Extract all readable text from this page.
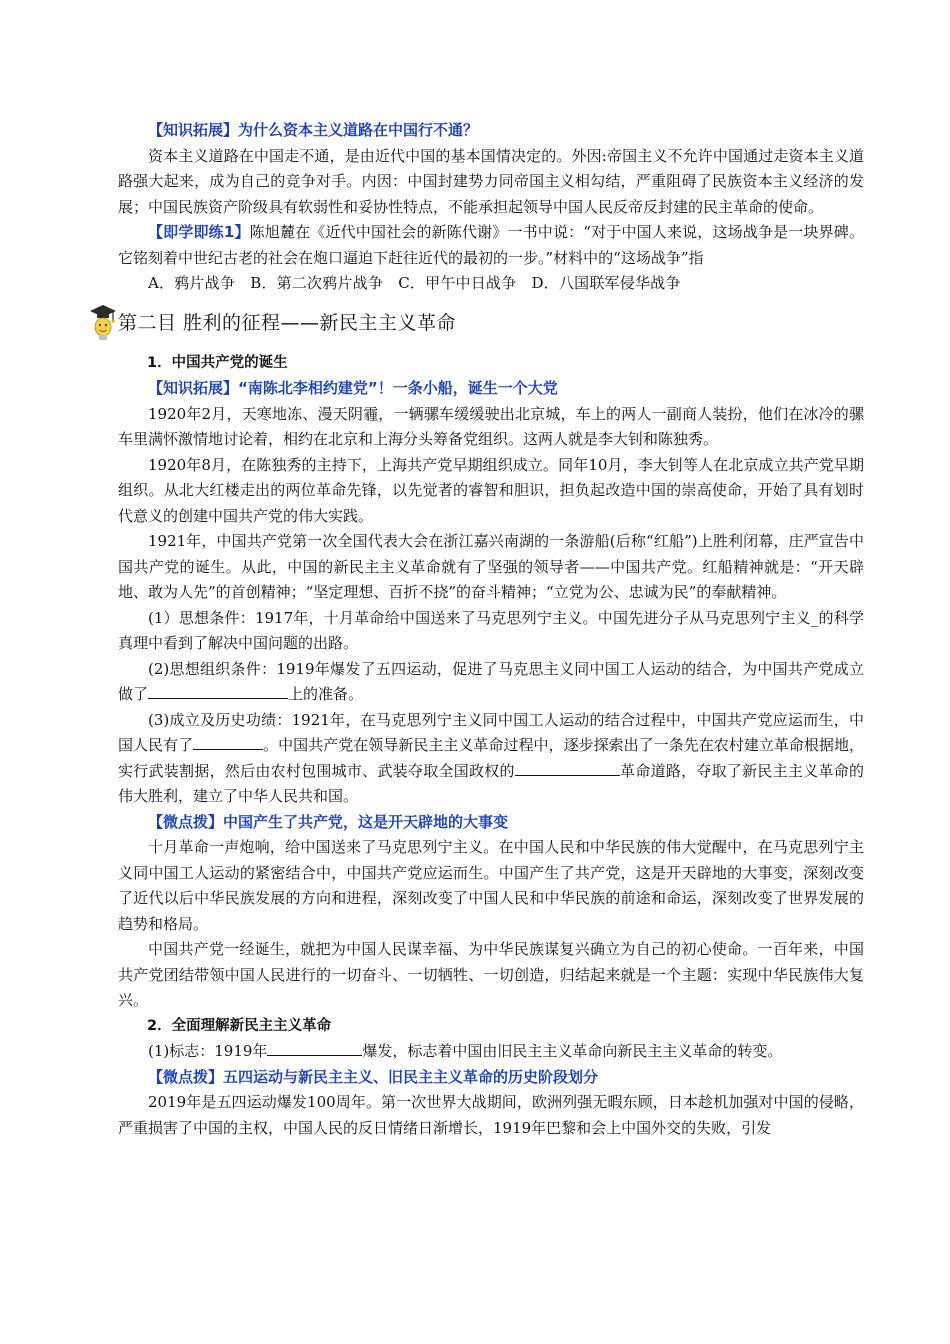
【知识拓展】为什么资本主义道路在中国行不通？

资本主义道路在中国走不通，是由近代中国的基本国情决定的。外因:帝国主义不允许中国通过走资本主义道路强大起来，成为自己的竞争对手。内因：中国封建势力同帝国主义相勾结，严重阻碍了民族资本主义经济的发展；中国民族资产阶级具有软弱性和妥协性特点，不能承担起领导中国人民反帝反封建的民主革命的使命。

【即学即练1】陈旭麓在《近代中国社会的新陈代谢》一书中说：“对于中国人来说，这场战争是一块界碑。它铭刻着中世纪古老的社会在炮口逼迫下赶往近代的最初的一步。”材料中的“这场战争”指

A．鸦片战争　B．第二次鸦片战争　C．甲午中日战争　D．八国联军侵华战争

第二目 胜利的征程——新民主主义革命

1．中国共产党的诞生

【知识拓展】“南陈北李相约建党”！一条小船，诞生一个大党

1920年2月，天寒地冻、漫天阴霾，一辆骡车缓缓驶出北京城，车上的两人一副商人装扮，他们在冰冷的骡车里满怀激情地讨论着，相约在北京和上海分头筹备党组织。这两人就是李大钊和陈独秀。

1920年8月，在陈独秀的主持下，上海共产党早期组织成立。同年10月，李大钊等人在北京成立共产党早期组织。从北大红楼走出的两位革命先锋，以先觉者的睿智和胆识，担负起改造中国的崇高使命，开始了具有划时代意义的创建中国共产党的伟大实践。

1921年，中国共产党第一次全国代表大会在浙江嘉兴南湖的一条游船(后称“红船”)上胜利闭幕，庄严宣告中国共产党的诞生。从此，中国的新民主主义革命就有了坚强的领导者——中国共产党。红船精神就是：“开天辟地、敢为人先”的首创精神；“坚定理想、百折不挠”的奋斗精神；“立党为公、忠诚为民”的奉献精神。

(1）思想条件：1917年，十月革命给中国送来了马克思列宁主义。中国先进分子从马克思列宁主义_的科学真理中看到了解决中国问题的出路。

(2)思想组织条件：1919年爆发了五四运动，促进了马克思主义同中国工人运动的结合，为中国共产党成立做了	上的准备。

(3)成立及历史功绩：1921年，在马克思列宁主义同中国工人运动的结合过程中，中国共产党应运而生，中国人民有了	。中国共产党在领导新民主主义革命过程中，逐步探索出了一条先在农村建立革命根据地，实行武装割据，然后由农村包围城市、武装夺取全国政权的	革命道路，夺取了新民主主义革命的伟大胜利，建立了中华人民共和国。

【微点拨】中国产生了共产党，这是开天辟地的大事变

十月革命一声炮响，给中国送来了马克思列宁主义。在中国人民和中华民族的伟大觉醒中，在马克思列宁主义同中国工人运动的紧密结合中，中国共产党应运而生。中国产生了共产党，这是开天辟地的大事变，深刻改变了近代以后中华民族发展的方向和进程，深刻改变了中国人民和中华民族的前途和命运，深刻改变了世界发展的趋势和格局。

中国共产党一经诞生，就把为中国人民谋幸福、为中华民族谋复兴确立为自己的初心使命。一百年来，中国共产党团结带领中国人民进行的一切奋斗、一切牺牲、一切创造，归结起来就是一个主题：实现中华民族伟大复兴。

2．全面理解新民主主义革命

(1)标志：1919年	爆发，标志着中国由旧民主主义革命向新民主主义革命的转变。

【微点拨】五四运动与新民主主义、旧民主主义革命的历史阶段划分

2019年是五四运动爆发100周年。第一次世界大战期间，欧洲列强无暇东顾，日本趁机加强对中国的侵略，严重损害了中国的主权，中国人民的反日情绪日渐增长，1919年巴黎和会上中国外交的失败，引发
